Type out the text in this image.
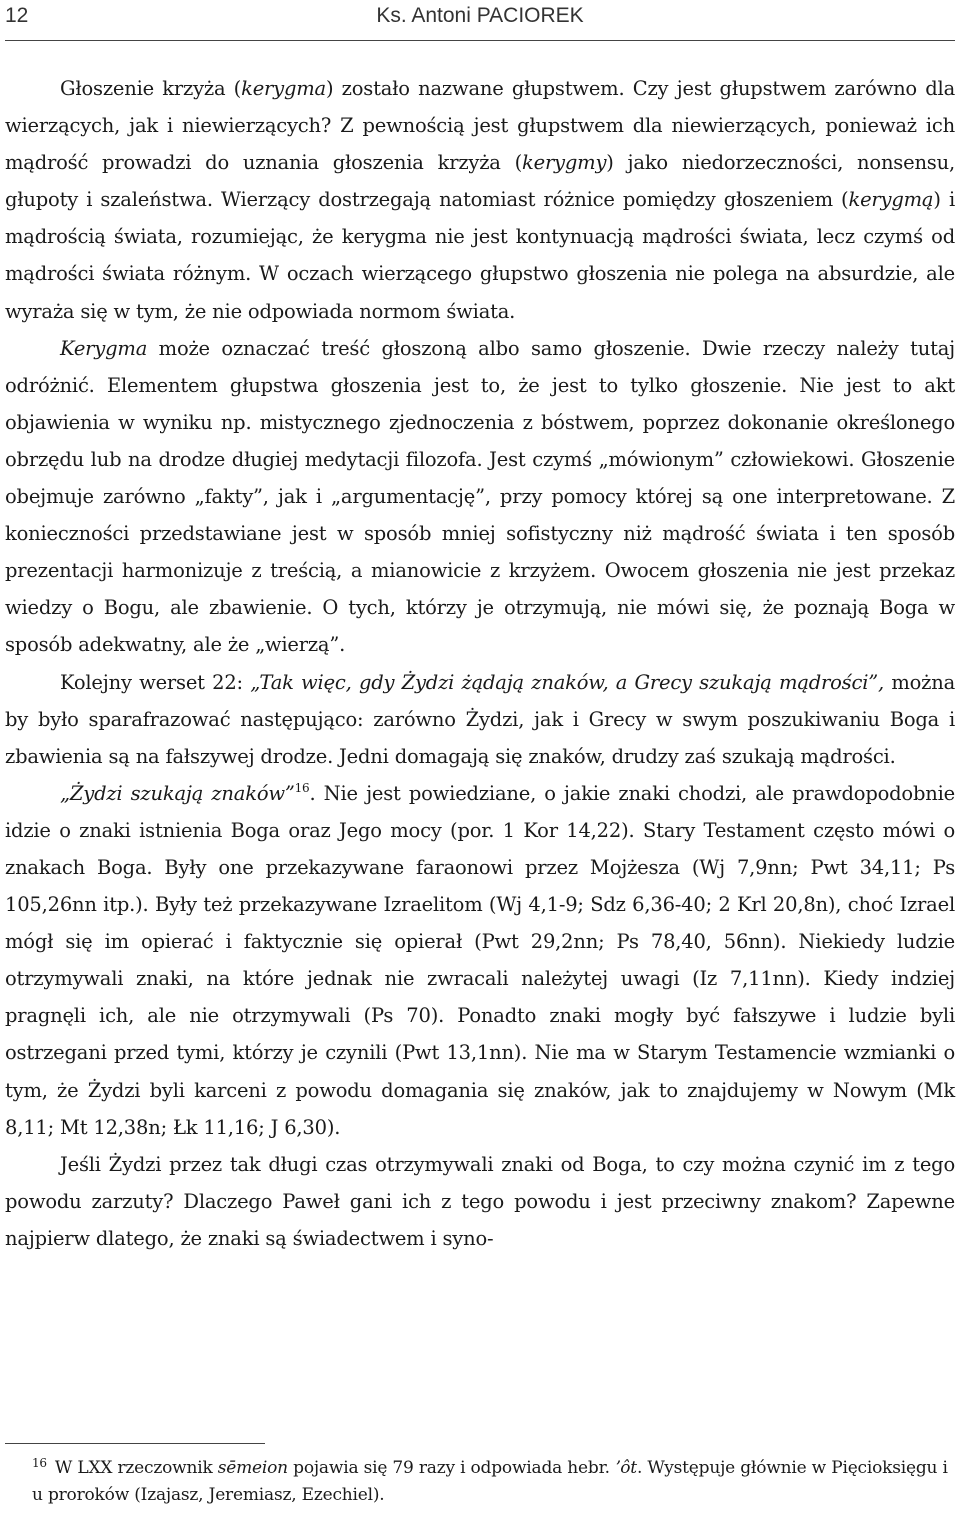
12	Ks. Antoni PACIOREK

Głoszenie krzyża (kerygma) zostało nazwane głupstwem. Czy jest głupstwem zarówno dla wierzących, jak i niewierzących? Z pewnością jest głupstwem dla niewierzących, ponieważ ich mądrość prowadzi do uznania głoszenia krzyża (kerygmy) jako niedorzeczności, nonsensu, głupoty i szaleństwa. Wierzący dostrzegają natomiast różnice pomiędzy głoszeniem (kerygmą) i mądrością świata, rozumiejąc, że kerygma nie jest kontynuacją mądrości świata, lecz czymś od mądrości świata różnym. W oczach wierzącego głupstwo głoszenia nie polega na absurdzie, ale wyraża się w tym, że nie odpowiada normom świata.

Kerygma może oznaczać treść głoszoną albo samo głoszenie. Dwie rzeczy należy tutaj odróżnić. Elementem głupstwa głoszenia jest to, że jest to tylko głoszenie. Nie jest to akt objawienia w wyniku np. mistycznego zjednoczenia z bóstwem, poprzez dokonanie określonego obrzędu lub na drodze długiej medytacji filozofa. Jest czymś „mówionym” człowiekowi. Głoszenie obejmuje zarówno „fakty”, jak i „argumentację”, przy pomocy której są one interpretowane. Z konieczności przedstawiane jest w sposób mniej sofistyczny niż mądrość świata i ten sposób prezentacji harmonizuje z treścią, a mianowicie z krzyżem. Owocem głoszenia nie jest przekaz wiedzy o Bogu, ale zbawienie. O tych, którzy je otrzymują, nie mówi się, że poznają Boga w sposób adekwatny, ale że „wierzą”.

Kolejny werset 22: „Tak więc, gdy Żydzi żądają znaków, a Grecy szukają mądrości”, można by było sparafrazować następująco: zarówno Żydzi, jak i Grecy w swym poszukiwaniu Boga i zbawienia są na fałszywej drodze. Jedni domagają się znaków, drudzy zaś szukają mądrości.

„Żydzi szukają znaków”$^{16}$. Nie jest powiedziane, o jakie znaki chodzi, ale prawdopodobnie idzie o znaki istnienia Boga oraz Jego mocy (por. 1 Kor 14,22). Stary Testament często mówi o znakach Boga. Były one przekazywane faraonowi przez Mojżesza (Wj 7,9nn; Pwt 34,11; Ps 105,26nn itp.). Były też przekazywane Izraelitom (Wj 4,1-9; Sdz 6,36-40; 2 Krl 20,8n), choć Izrael mógł się im opierać i faktycznie się opierał (Pwt 29,2nn; Ps 78,40, 56nn). Niekiedy ludzie otrzymywali znaki, na które jednak nie zwracali należytej uwagi (Iz 7,11nn). Kiedy indziej pragnęli ich, ale nie otrzymywali (Ps 70). Ponadto znaki mogły być fałszywe i ludzie byli ostrzegani przed tymi, którzy je czynili (Pwt 13,1nn). Nie ma w Starym Testamencie wzmianki o tym, że Żydzi byli karceni z powodu domagania się znaków, jak to znajdujemy w Nowym (Mk 8,11; Mt 12,38n; Łk 11,16; J 6,30).

Jeśli Żydzi przez tak długi czas otrzymywali znaki od Boga, to czy można czynić im z tego powodu zarzuty? Dlaczego Paweł gani ich z tego powodu i jest przeciwny znakom? Zapewne najpierw dlatego, że znaki są świadectwem i syno-

$^{16}$ W LXX rzeczownik sēmeion pojawia się 79 razy i odpowiada hebr. ʼôt. Występuje głównie w Pięcioksięgu i u proroków (Izajasz, Jeremiasz, Ezechiel).
